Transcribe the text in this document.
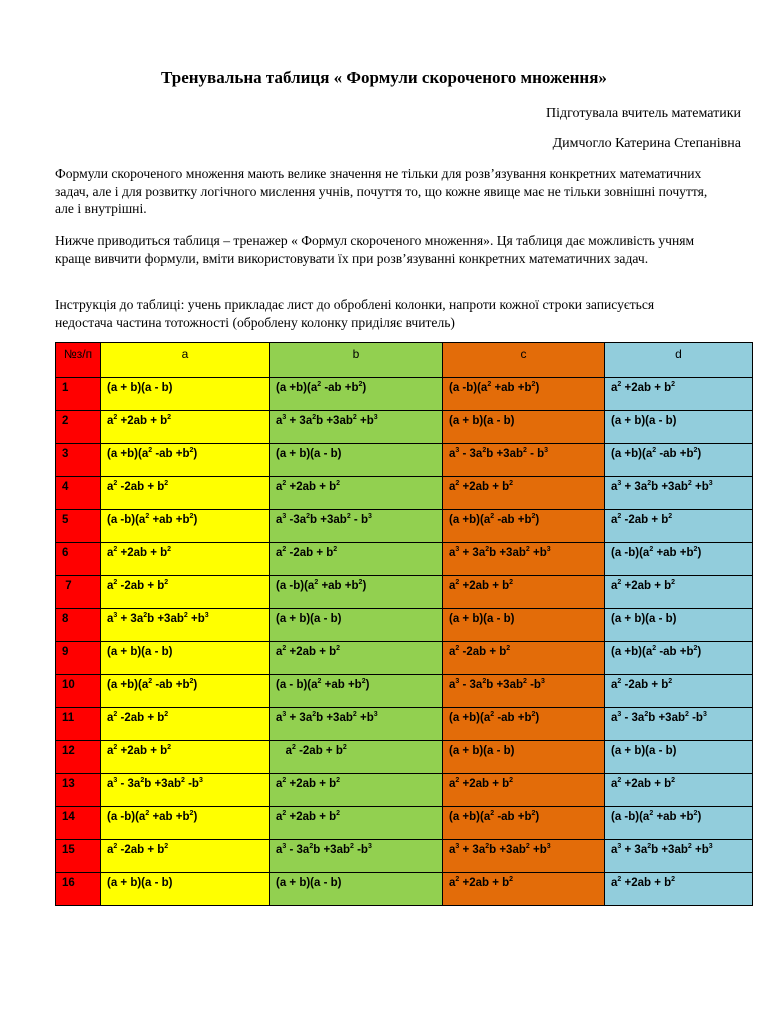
Тренувальна таблиця « Формули скороченого множення»
Підготувала вчитель математики
Димчогло Катерина Степанівна
Формули скороченого множення мають велике значення не тільки для розв’язування конкретних математичних задач, але і для розвитку логічного мислення учнів, почуття то, що кожне явище має не тільки зовнішні почуття, але і внутрішні.
Нижче приводиться таблиця – тренажер « Формул скороченого множення». Ця таблиця дає можливість учням краще вивчити формули, вміти використовувати їх при розв’язуванні конкретних математичних задач.
Інструкція до таблиці: учень прикладає лист до оброблені колонки, напроти кожної строки записується недостача частина тотожності (оброблену колонку приділяє вчитель)
№з/п	a	b	c	d
1	(a + b)(a - b)	$(a +b)(a^2$ $-ab +b^2$)	(a $-b)(a^2 +ab +b^2)$	$a^2 +2ab + b^2$
2	$a^2 +2ab + b^2$	$a^3 + 3a^2b +3ab^2 +b^3$	(a + b)(a - b)	(a + b)(a - b)
3	$(a +b)(a^2$ $-ab +b^2$)	(a + b)(a - b)	$a^3 - 3a^2b +3ab^2 - b^3$	$(a +b)(a^2$ $-ab +b^2$)
4	$a^2$ $-2ab + b^2$	$a^2 +2ab + b^2$	$a^2 +2ab + b^2$	$a^3 + 3a^2b +3ab^2 +b^3$
5	(a $-b)(a^2 +ab +b^2)$	$a^3$ $-3a^2b +3ab^2 - b^3$	$(a +b)(a^2$ $-ab +b^2$)	$a^2$ $-2ab + b^2$
6	$a^2 +2ab + b^2$	$a^2$ $-2ab + b^2$	$a^3 + 3a^2b +3ab^2 +b^3$	(a $-b)(a^2 +ab +b^2)$
7	$a^2$ $-2ab + b^2$	(a $-b)(a^2 +ab +b^2)$	$a^2 +2ab + b^2$	$a^2 +2ab + b^2$
8	$a^3 + 3a^2b +3ab^2 +b^3$	(a + b)(a - b)	(a + b)(a - b)	(a + b)(a - b)
9	(a + b)(a - b)	$a^2 +2ab + b^2$	$a^2$ $-2ab + b^2$	$(a +b)(a^2$ $-ab +b^2$)
10	$(a +b)(a^2$ $-ab +b^2$)	$(a - b)(a^2 +ab +b^2)$	$a^3 - 3a^2b +3ab^2$ $-b^3$	$a^2$ $-2ab + b^2$
11	$a^2$ $-2ab + b^2$	$a^3 + 3a^2b +3ab^2 +b^3$	$(a +b)(a^2$ $-ab +b^2$)	$a^3 - 3a^2b +3ab^2$ $-b^3$
12	$a^2 +2ab + b^2$	$a^2$ $-2ab + b^2$	(a + b)(a - b)	(a + b)(a - b)
13	$a^3 - 3a^2b +3ab^2$ $-b^3$	$a^2 +2ab + b^2$	$a^2 +2ab + b^2$	$a^2 +2ab + b^2$
14	(a $-b)(a^2 +ab +b^2)$	$a^2 +2ab + b^2$	$(a +b)(a^2$ $-ab +b^2$)	(a $-b)(a^2 +ab +b^2)$
15	$a^2$ $-2ab + b^2$	$a^3 - 3a^2b +3ab^2$ $-b^3$	$a^3 + 3a^2b +3ab^2 +b^3$	$a^3 + 3a^2b +3ab^2 +b^3$
16	(a + b)(a - b)	(a + b)(a - b)	$a^2 +2ab + b^2$	$a^2 +2ab + b^2$
